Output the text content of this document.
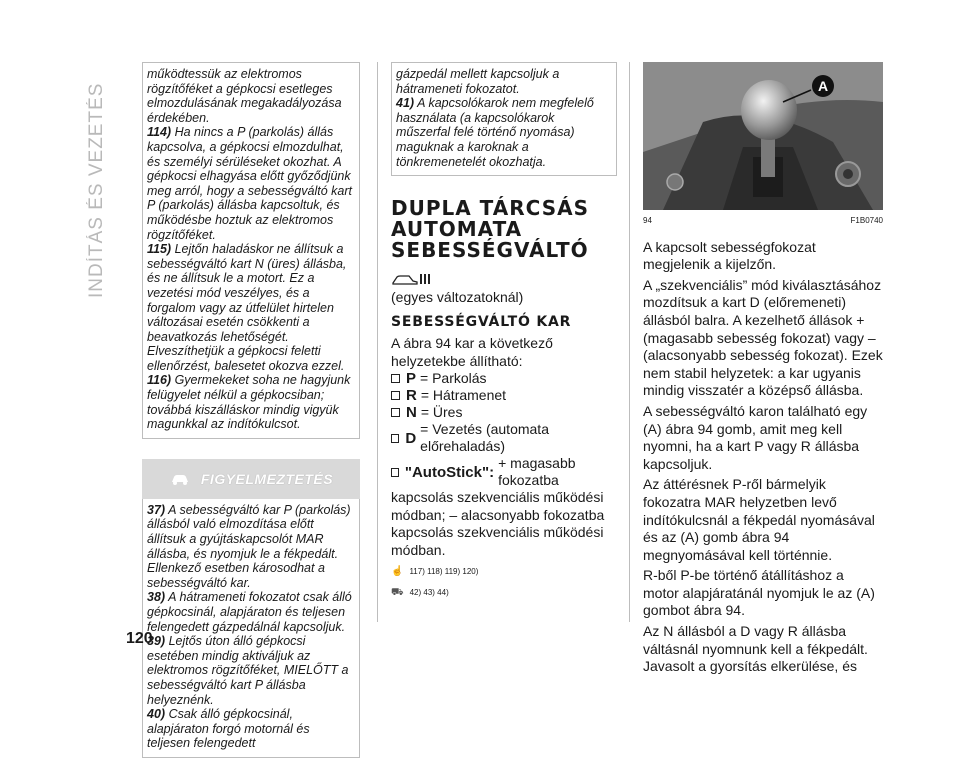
INDÍTÁS ÉS VEZETÉS

működtessük az elektromos rögzítőféket a gépkocsi esetleges elmozdulásának megakadályozása érdekében.

114) Ha nincs a P (parkolás) állás kapcsolva, a gépkocsi elmozdulhat, és személyi sérüléseket okozhat. A gépkocsi elhagyása előtt győződjünk meg arról, hogy a sebességváltó kart P (parkolás) állásba kapcsoltuk, és működésbe hoztuk az elektromos rögzítőféket.

115) Lejtőn haladáskor ne állítsuk a sebességváltó kart N (üres) állásba, és ne állítsuk le a motort. Ez a vezetési mód veszélyes, és a forgalom vagy az útfelület hirtelen változásai esetén csökkenti a beavatkozás lehetőségét. Elveszíthetjük a gépkocsi feletti ellenőrzést, balesetet okozva ezzel.

116) Gyermekeket soha ne hagyjunk felügyelet nélkül a gépkocsiban; továbbá kiszálláskor mindig vigyük magunkkal az indítókulcsot.

FIGYELMEZTETÉS

37) A sebességváltó kar P (parkolás) állásból való elmozdítása előtt állítsuk a gyújtáskapcsolót MAR állásba, és nyomjuk le a fékpedált. Ellenkező esetben károsodhat a sebességváltó kar.

38) A hátrameneti fokozatot csak álló gépkocsinál, alapjáraton és teljesen felengedett gázpedálnál kapcsoljuk.

39) Lejtős úton álló gépkocsi esetében mindig aktiváljuk az elektromos rögzítőféket, MIELŐTT a sebességváltó kart P állásba helyeznénk.

40) Csak álló gépkocsinál, alapjáraton forgó motornál és teljesen felengedett

gázpedál mellett kapcsoljuk a hátrameneti fokozatot.

41) A kapcsolókarok nem megfelelő használata (a kapcsolókarok műszerfal felé történő nyomása) maguknak a karoknak a tönkremenetelét okozhatja.

DUPLA TÁRCSÁS AUTOMATA SEBESSÉGVÁLTÓ
(egyes változatoknál)
SEBESSÉGVÁLTÓ KAR
A ábra 94 kar a következő helyzetekbe állítható:
P = Parkolás
R = Hátramenet
N = Üres
D
= Vezetés (automata előrehaladás)
"AutoStick":
+ magasabb fokozatba
kapcsolás szekvenciális működési módban; – alacsonyabb fokozatba kapcsolás szekvenciális működési módban.
☝ 117) 118) 119) 120)
⛟ 42) 43) 44)
A
94	F1B0740

A kapcsolt sebességfokozat megjelenik a kijelzőn.

A „szekvenciális” mód kiválasztásához mozdítsuk a kart D (előremeneti) állásból balra. A kezelhető állások + (magasabb sebesség fokozat) vagy – (alacsonyabb sebesség fokozat). Ezek nem stabil helyzetek: a kar ugyanis mindig visszatér a középső állásba.

A sebességváltó karon található egy (A) ábra 94 gomb, amit meg kell nyomni, ha a kart P vagy R állásba kapcsoljuk.

Az áttérésnek P-ről bármelyik fokozatra MAR helyzetben levő indítókulcsnál a fékpedál nyomásával és az (A) gomb ábra 94 megnyomásával kell történnie.

R-ből P-be történő átállításhoz a motor alapjáratánál nyomjuk le az (A) gombot ábra 94.

Az N állásból a D vagy R állásba váltásnál nyomnunk kell a fékpedált. Javasolt a gyorsítás elkerülése, és

120
